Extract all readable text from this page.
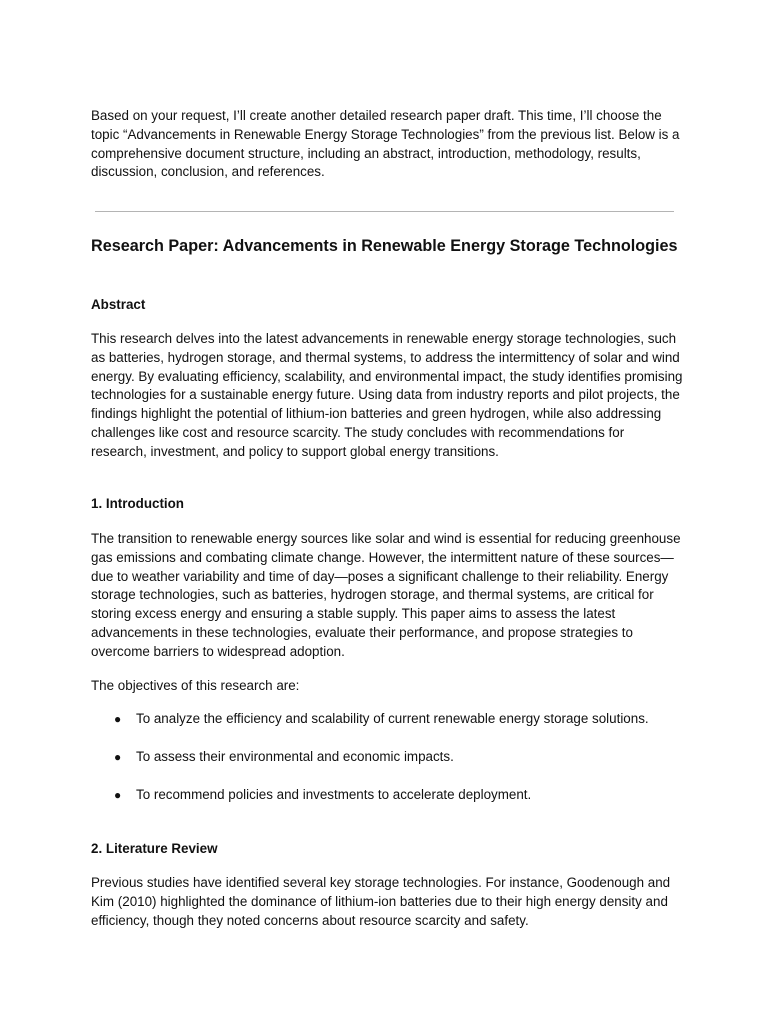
Based on your request, I’ll create another detailed research paper draft. This time, I’ll choose the topic “Advancements in Renewable Energy Storage Technologies” from the previous list. Below is a comprehensive document structure, including an abstract, introduction, methodology, results, discussion, conclusion, and references.

Research Paper: Advancements in Renewable Energy Storage Technologies
Abstract

This research delves into the latest advancements in renewable energy storage technologies, such as batteries, hydrogen storage, and thermal systems, to address the intermittency of solar and wind energy. By evaluating efficiency, scalability, and environmental impact, the study identifies promising technologies for a sustainable energy future. Using data from industry reports and pilot projects, the findings highlight the potential of lithium-ion batteries and green hydrogen, while also addressing challenges like cost and resource scarcity. The study concludes with recommendations for research, investment, and policy to support global energy transitions.

1. Introduction

The transition to renewable energy sources like solar and wind is essential for reducing greenhouse gas emissions and combating climate change. However, the intermittent nature of these sources—due to weather variability and time of day—poses a significant challenge to their reliability. Energy storage technologies, such as batteries, hydrogen storage, and thermal systems, are critical for storing excess energy and ensuring a stable supply. This paper aims to assess the latest advancements in these technologies, evaluate their performance, and propose strategies to overcome barriers to widespread adoption.

The objectives of this research are:

● To analyze the efficiency and scalability of current renewable energy storage solutions.
● To assess their environmental and economic impacts.
● To recommend policies and investments to accelerate deployment.
2. Literature Review

Previous studies have identified several key storage technologies. For instance, Goodenough and Kim (2010) highlighted the dominance of lithium-ion batteries due to their high energy density and efficiency, though they noted concerns about resource scarcity and safety.
